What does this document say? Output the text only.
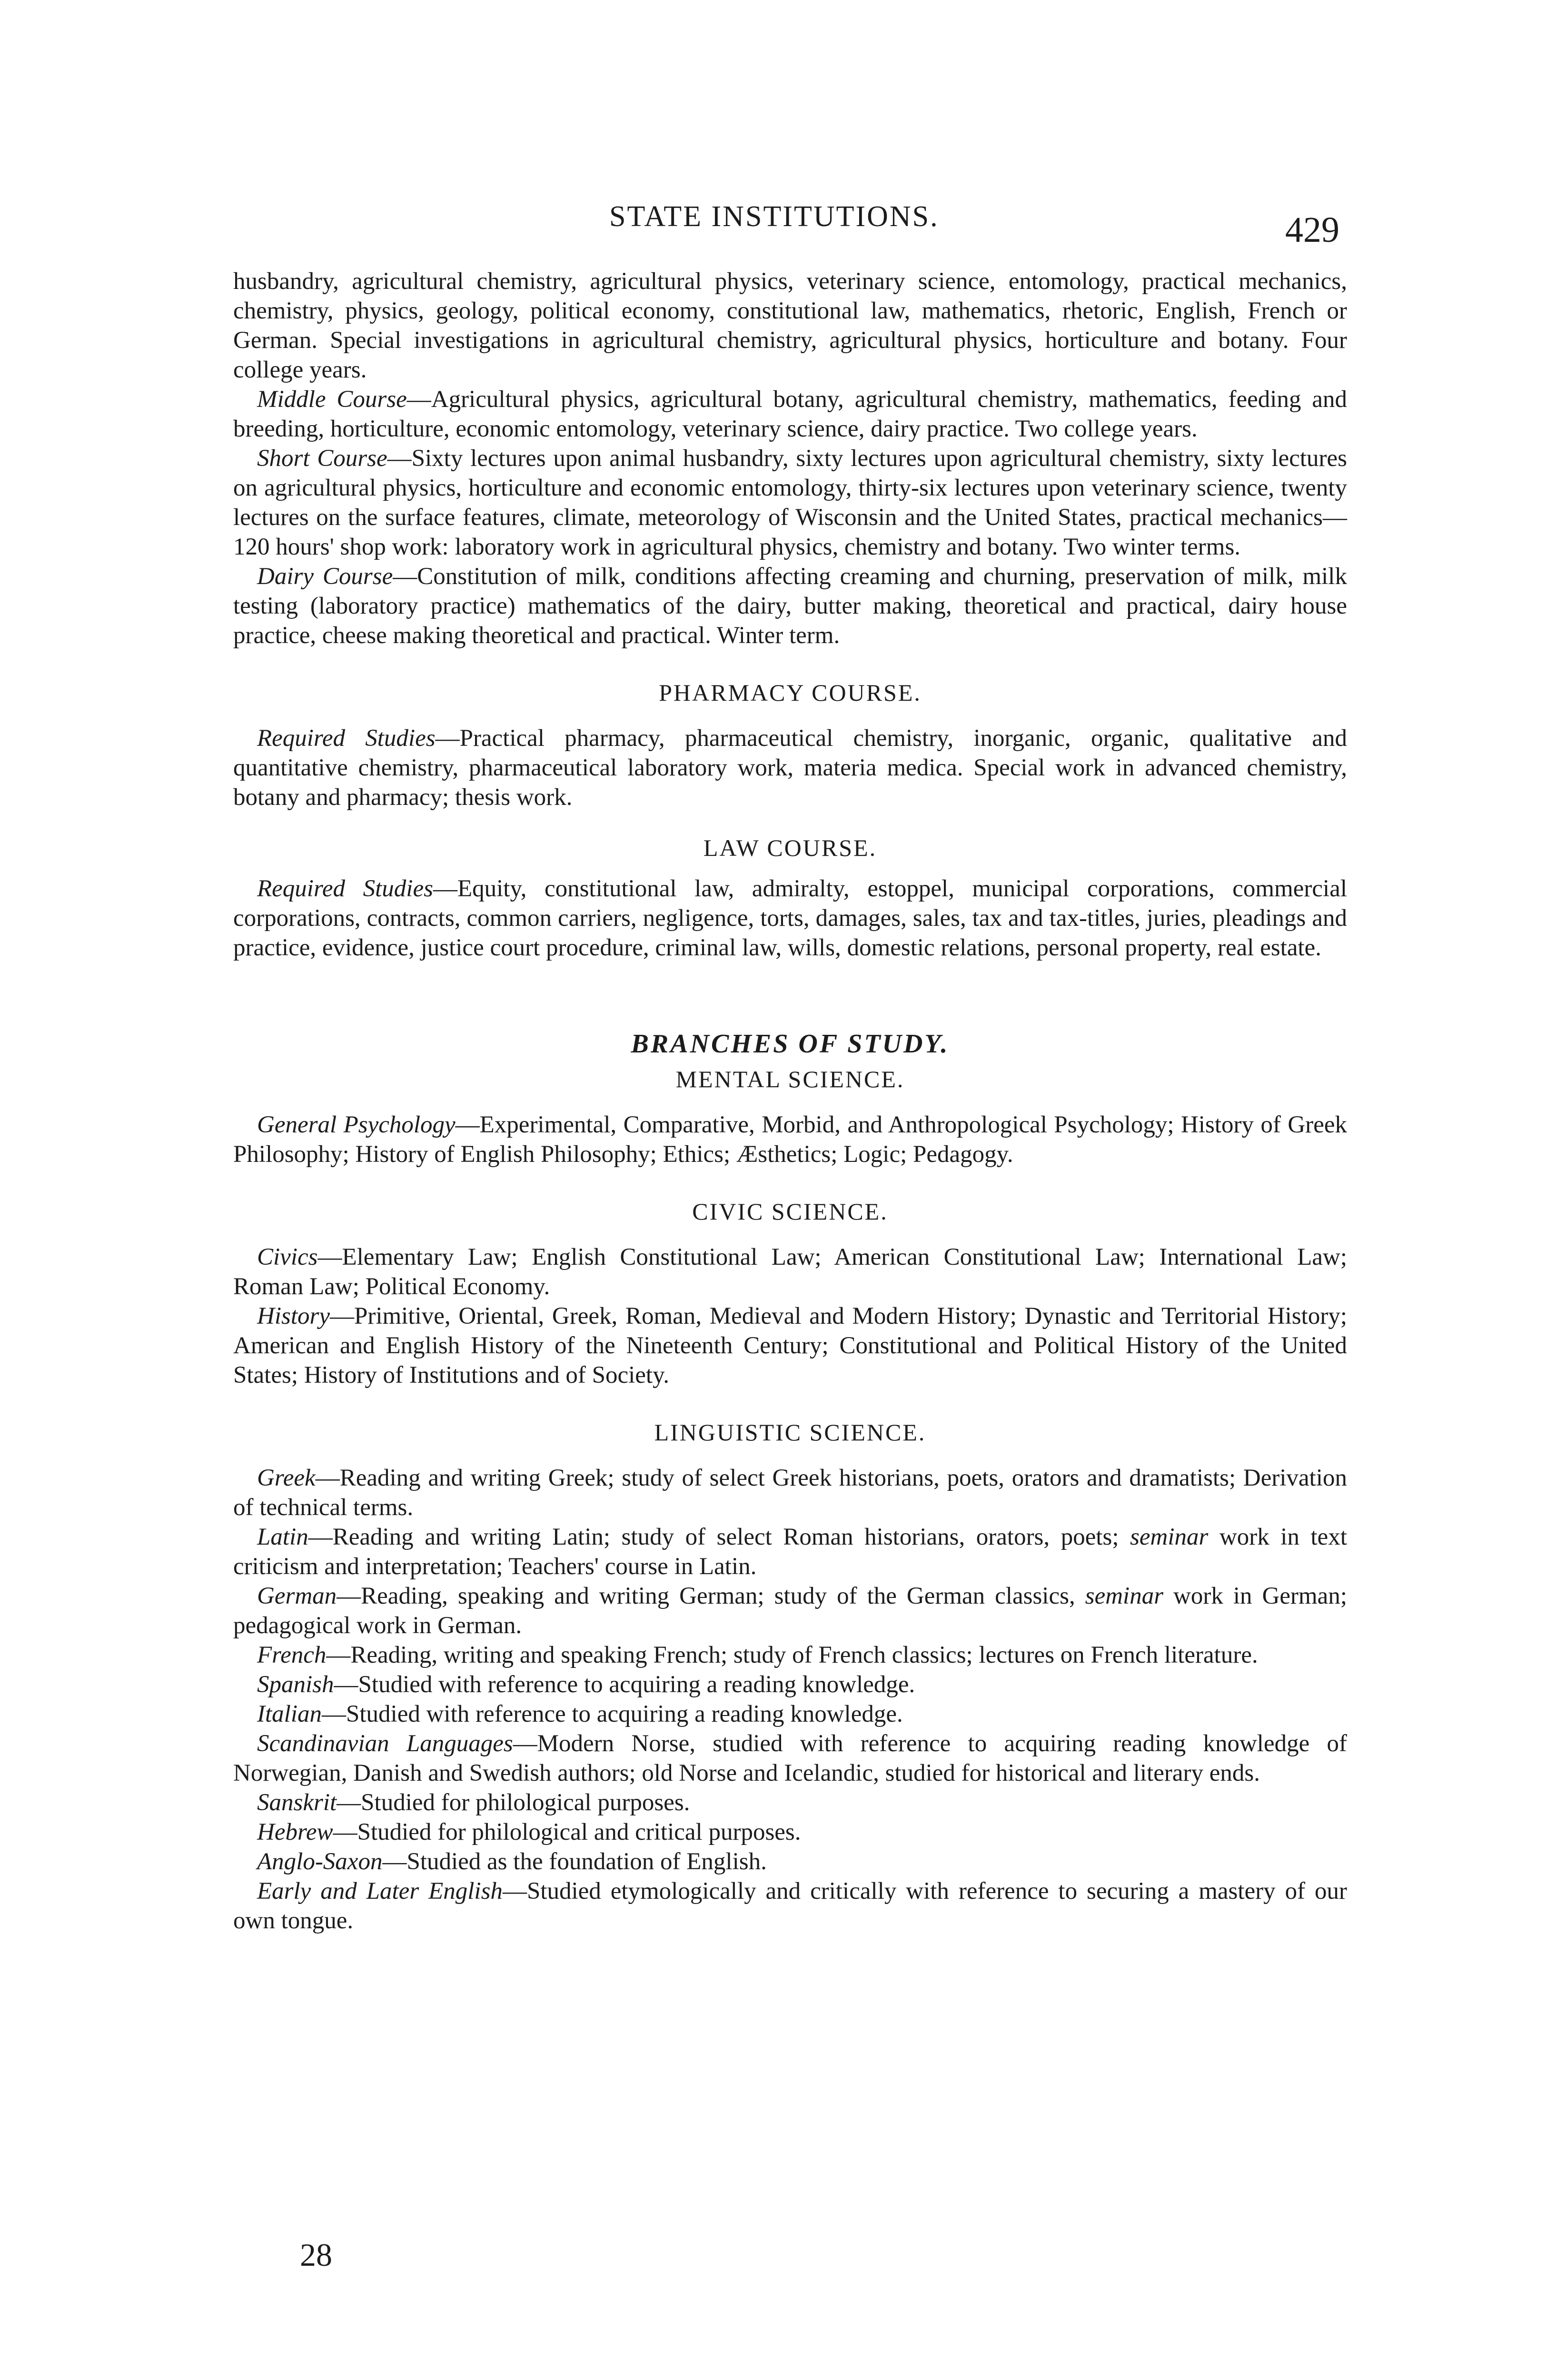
STATE INSTITUTIONS.	429

husbandry, agricultural chemistry, agricultural physics, veterinary science, entomology, practical mechanics, chemistry, physics, geology, political economy, constitutional law, mathematics, rhetoric, English, French or German. Special investigations in agricultural chemistry, agricultural physics, horticulture and botany. Four college years.

Middle Course—Agricultural physics, agricultural botany, agricultural chemistry, mathematics, feeding and breeding, horticulture, economic entomology, veterinary science, dairy practice. Two college years.

Short Course—Sixty lectures upon animal husbandry, sixty lectures upon agricultural chemistry, sixty lectures on agricultural physics, horticulture and economic entomology, thirty-six lectures upon veterinary science, twenty lectures on the surface features, climate, meteorology of Wisconsin and the United States, practical mechanics—120 hours' shop work: laboratory work in agricultural physics, chemistry and botany. Two winter terms.

Dairy Course—Constitution of milk, conditions affecting creaming and churning, preservation of milk, milk testing (laboratory practice) mathematics of the dairy, butter making, theoretical and practical, dairy house practice, cheese making theoretical and practical. Winter term.

PHARMACY COURSE.

Required Studies—Practical pharmacy, pharmaceutical chemistry, inorganic, organic, qualitative and quantitative chemistry, pharmaceutical laboratory work, materia medica. Special work in advanced chemistry, botany and pharmacy; thesis work.

LAW COURSE.

Required Studies—Equity, constitutional law, admiralty, estoppel, municipal corporations, commercial corporations, contracts, common carriers, negligence, torts, damages, sales, tax and tax-titles, juries, pleadings and practice, evidence, justice court procedure, criminal law, wills, domestic relations, personal property, real estate.

BRANCHES OF STUDY.
MENTAL SCIENCE.

General Psychology—Experimental, Comparative, Morbid, and Anthropological Psychology; History of Greek Philosophy; History of English Philosophy; Ethics; Æsthetics; Logic; Pedagogy.

CIVIC SCIENCE.

Civics—Elementary Law; English Constitutional Law; American Constitutional Law; International Law; Roman Law; Political Economy.

History—Primitive, Oriental, Greek, Roman, Medieval and Modern History; Dynastic and Territorial History; American and English History of the Nineteenth Century; Constitutional and Political History of the United States; History of Institutions and of Society.

LINGUISTIC SCIENCE.

Greek—Reading and writing Greek; study of select Greek historians, poets, orators and dramatists; Derivation of technical terms.

Latin—Reading and writing Latin; study of select Roman historians, orators, poets; seminar work in text criticism and interpretation; Teachers' course in Latin.

German—Reading, speaking and writing German; study of the German classics, seminar work in German; pedagogical work in German.

French—Reading, writing and speaking French; study of French classics; lectures on French literature.

Spanish—Studied with reference to acquiring a reading knowledge.

Italian—Studied with reference to acquiring a reading knowledge.

Scandinavian Languages—Modern Norse, studied with reference to acquiring reading knowledge of Norwegian, Danish and Swedish authors; old Norse and Icelandic, studied for historical and literary ends.

Sanskrit—Studied for philological purposes.

Hebrew—Studied for philological and critical purposes.

Anglo-Saxon—Studied as the foundation of English.

Early and Later English—Studied etymologically and critically with reference to securing a mastery of our own tongue.

28
